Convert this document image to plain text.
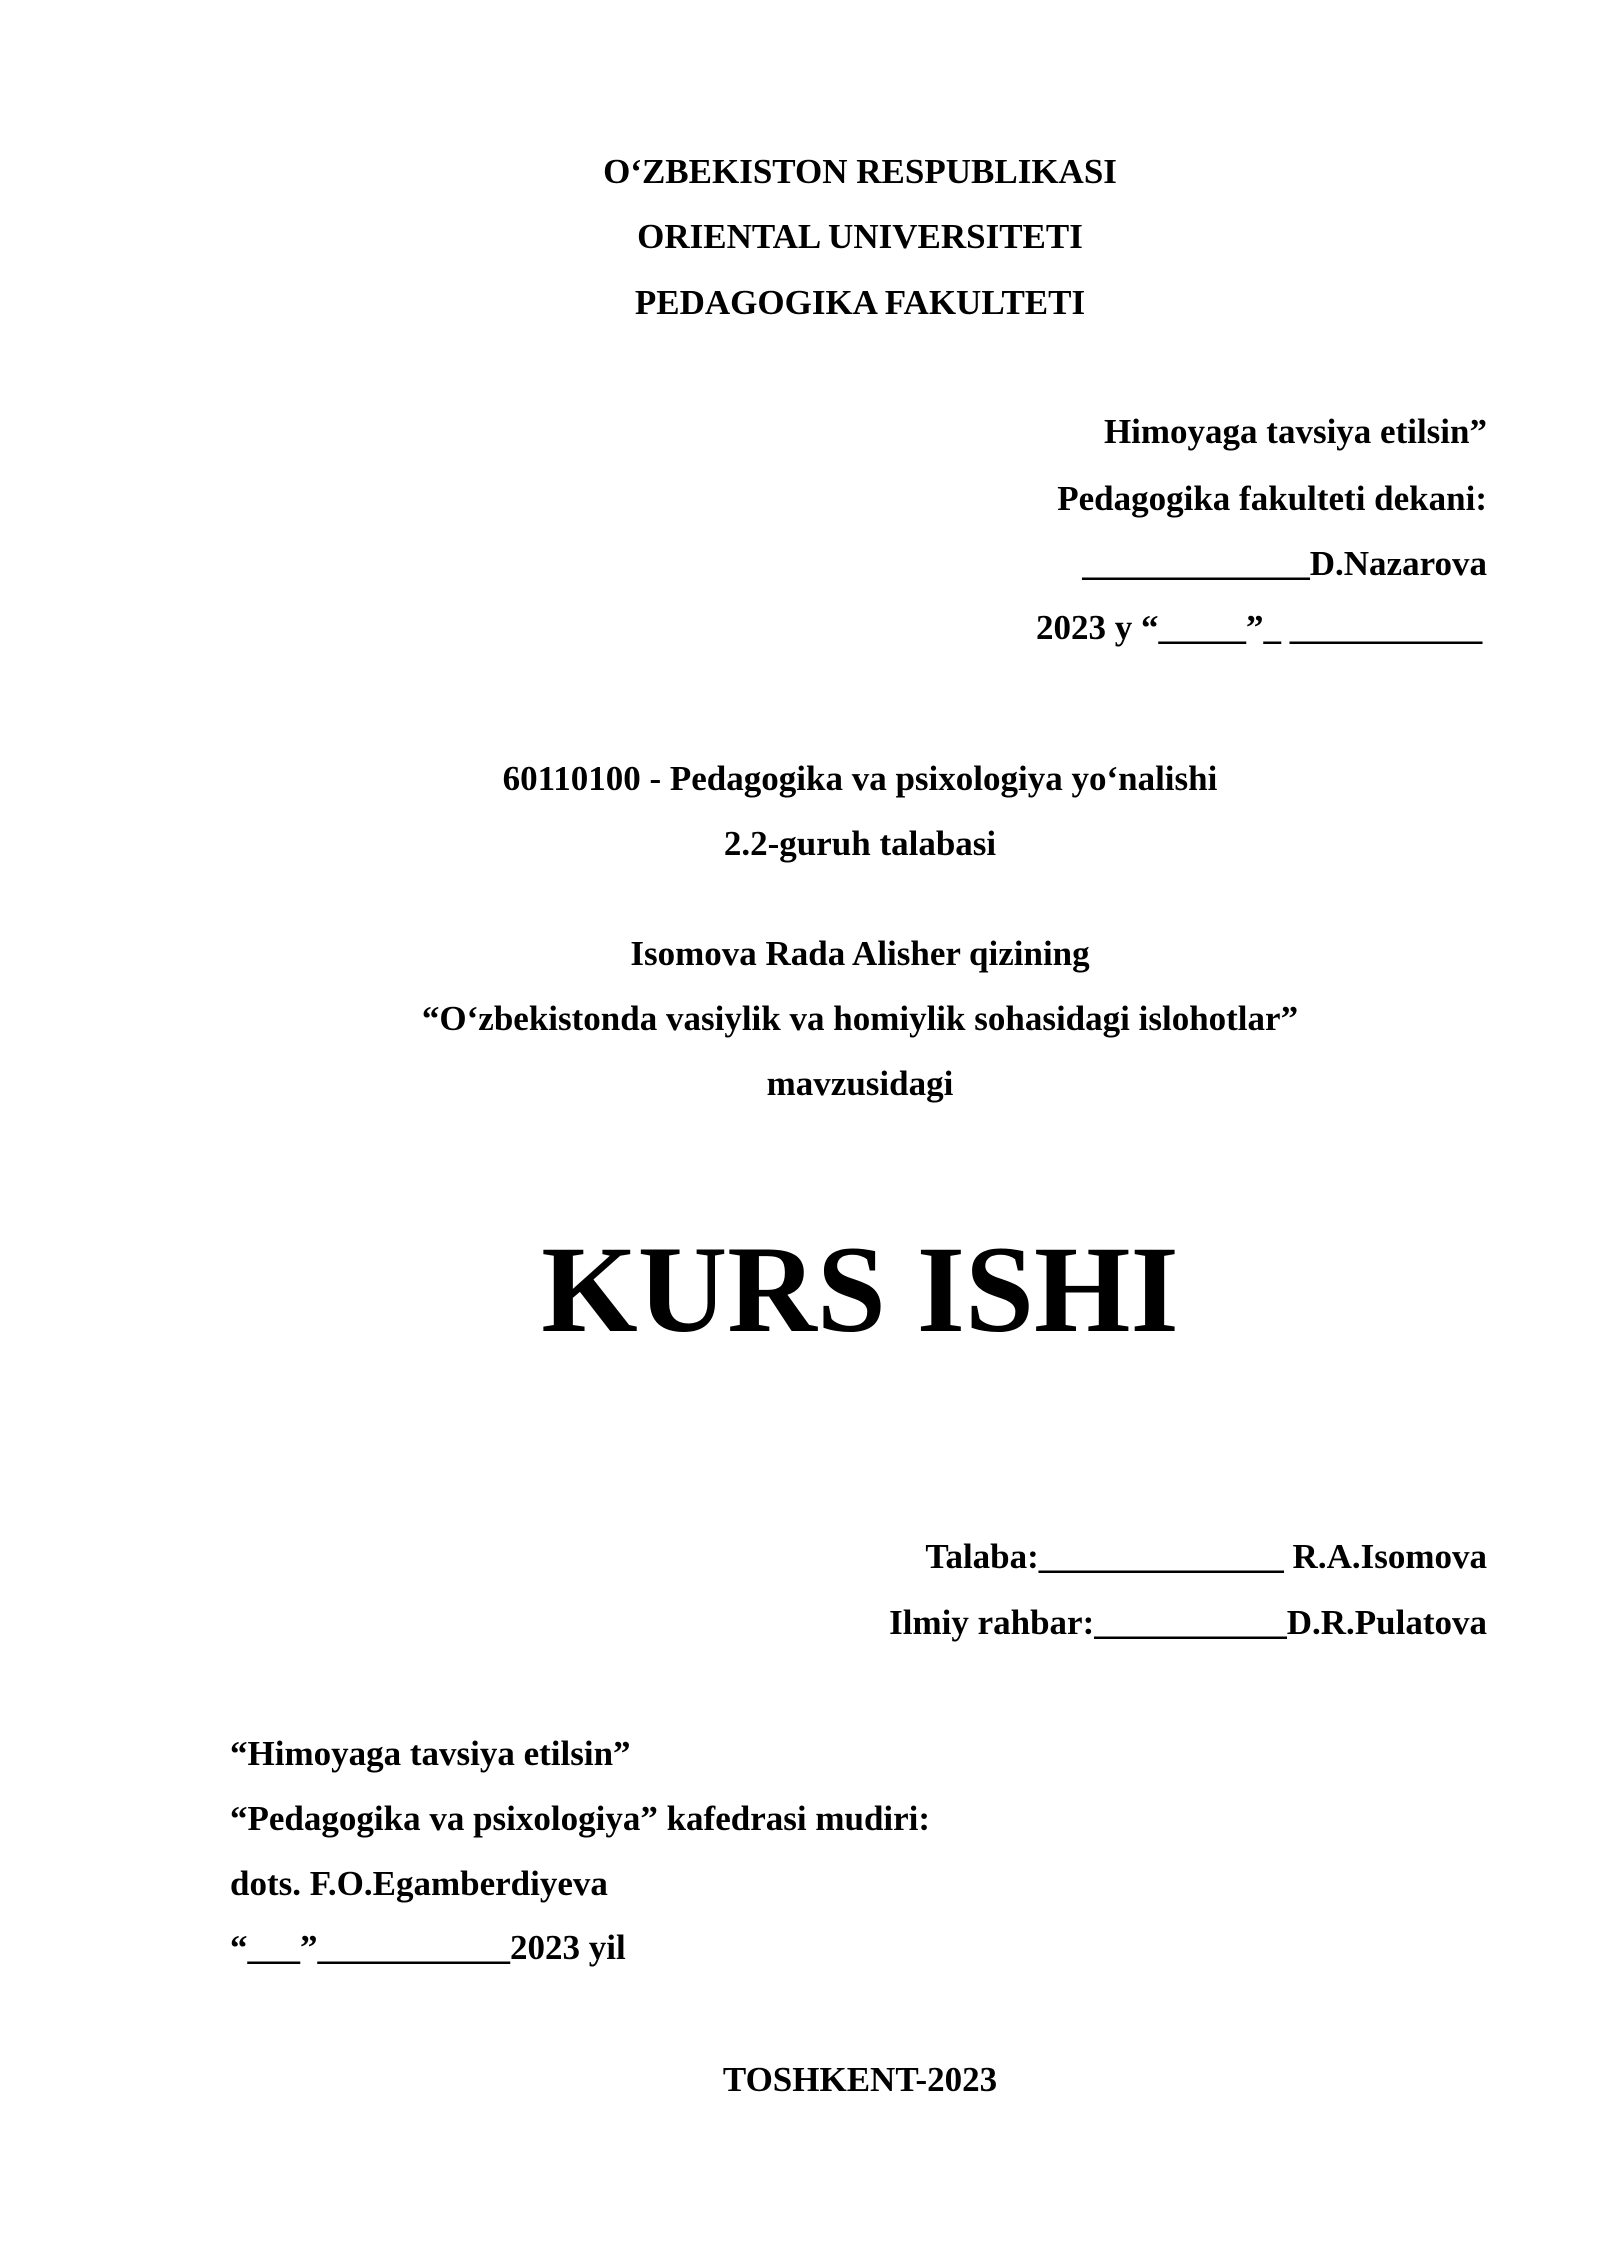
O‘ZBEKISTON RESPUBLIKASI
ORIENTAL UNIVERSITETI
PEDAGOGIKA FAKULTETI
Himoyaga tavsiya etilsin”
Pedagogika fakulteti dekani:
_____________D.Nazarova
2023 y “_____”_ ___________
60110100 - Pedagogika va psixologiya yo‘nalishi
2.2-guruh talabasi
Isomova Rada Alisher qizining
“O‘zbekistonda vasiylik va homiylik sohasidagi islohotlar”
mavzusidagi
KURS ISHI
Talaba:______________ R.A.Isomova
Ilmiy rahbar:___________D.R.Pulatova
“Himoyaga tavsiya etilsin”
“Pedagogika va psixologiya” kafedrasi mudiri:
dots. F.O.Egamberdiyeva
“___”___________2023 yil
TOSHKENT-2023
